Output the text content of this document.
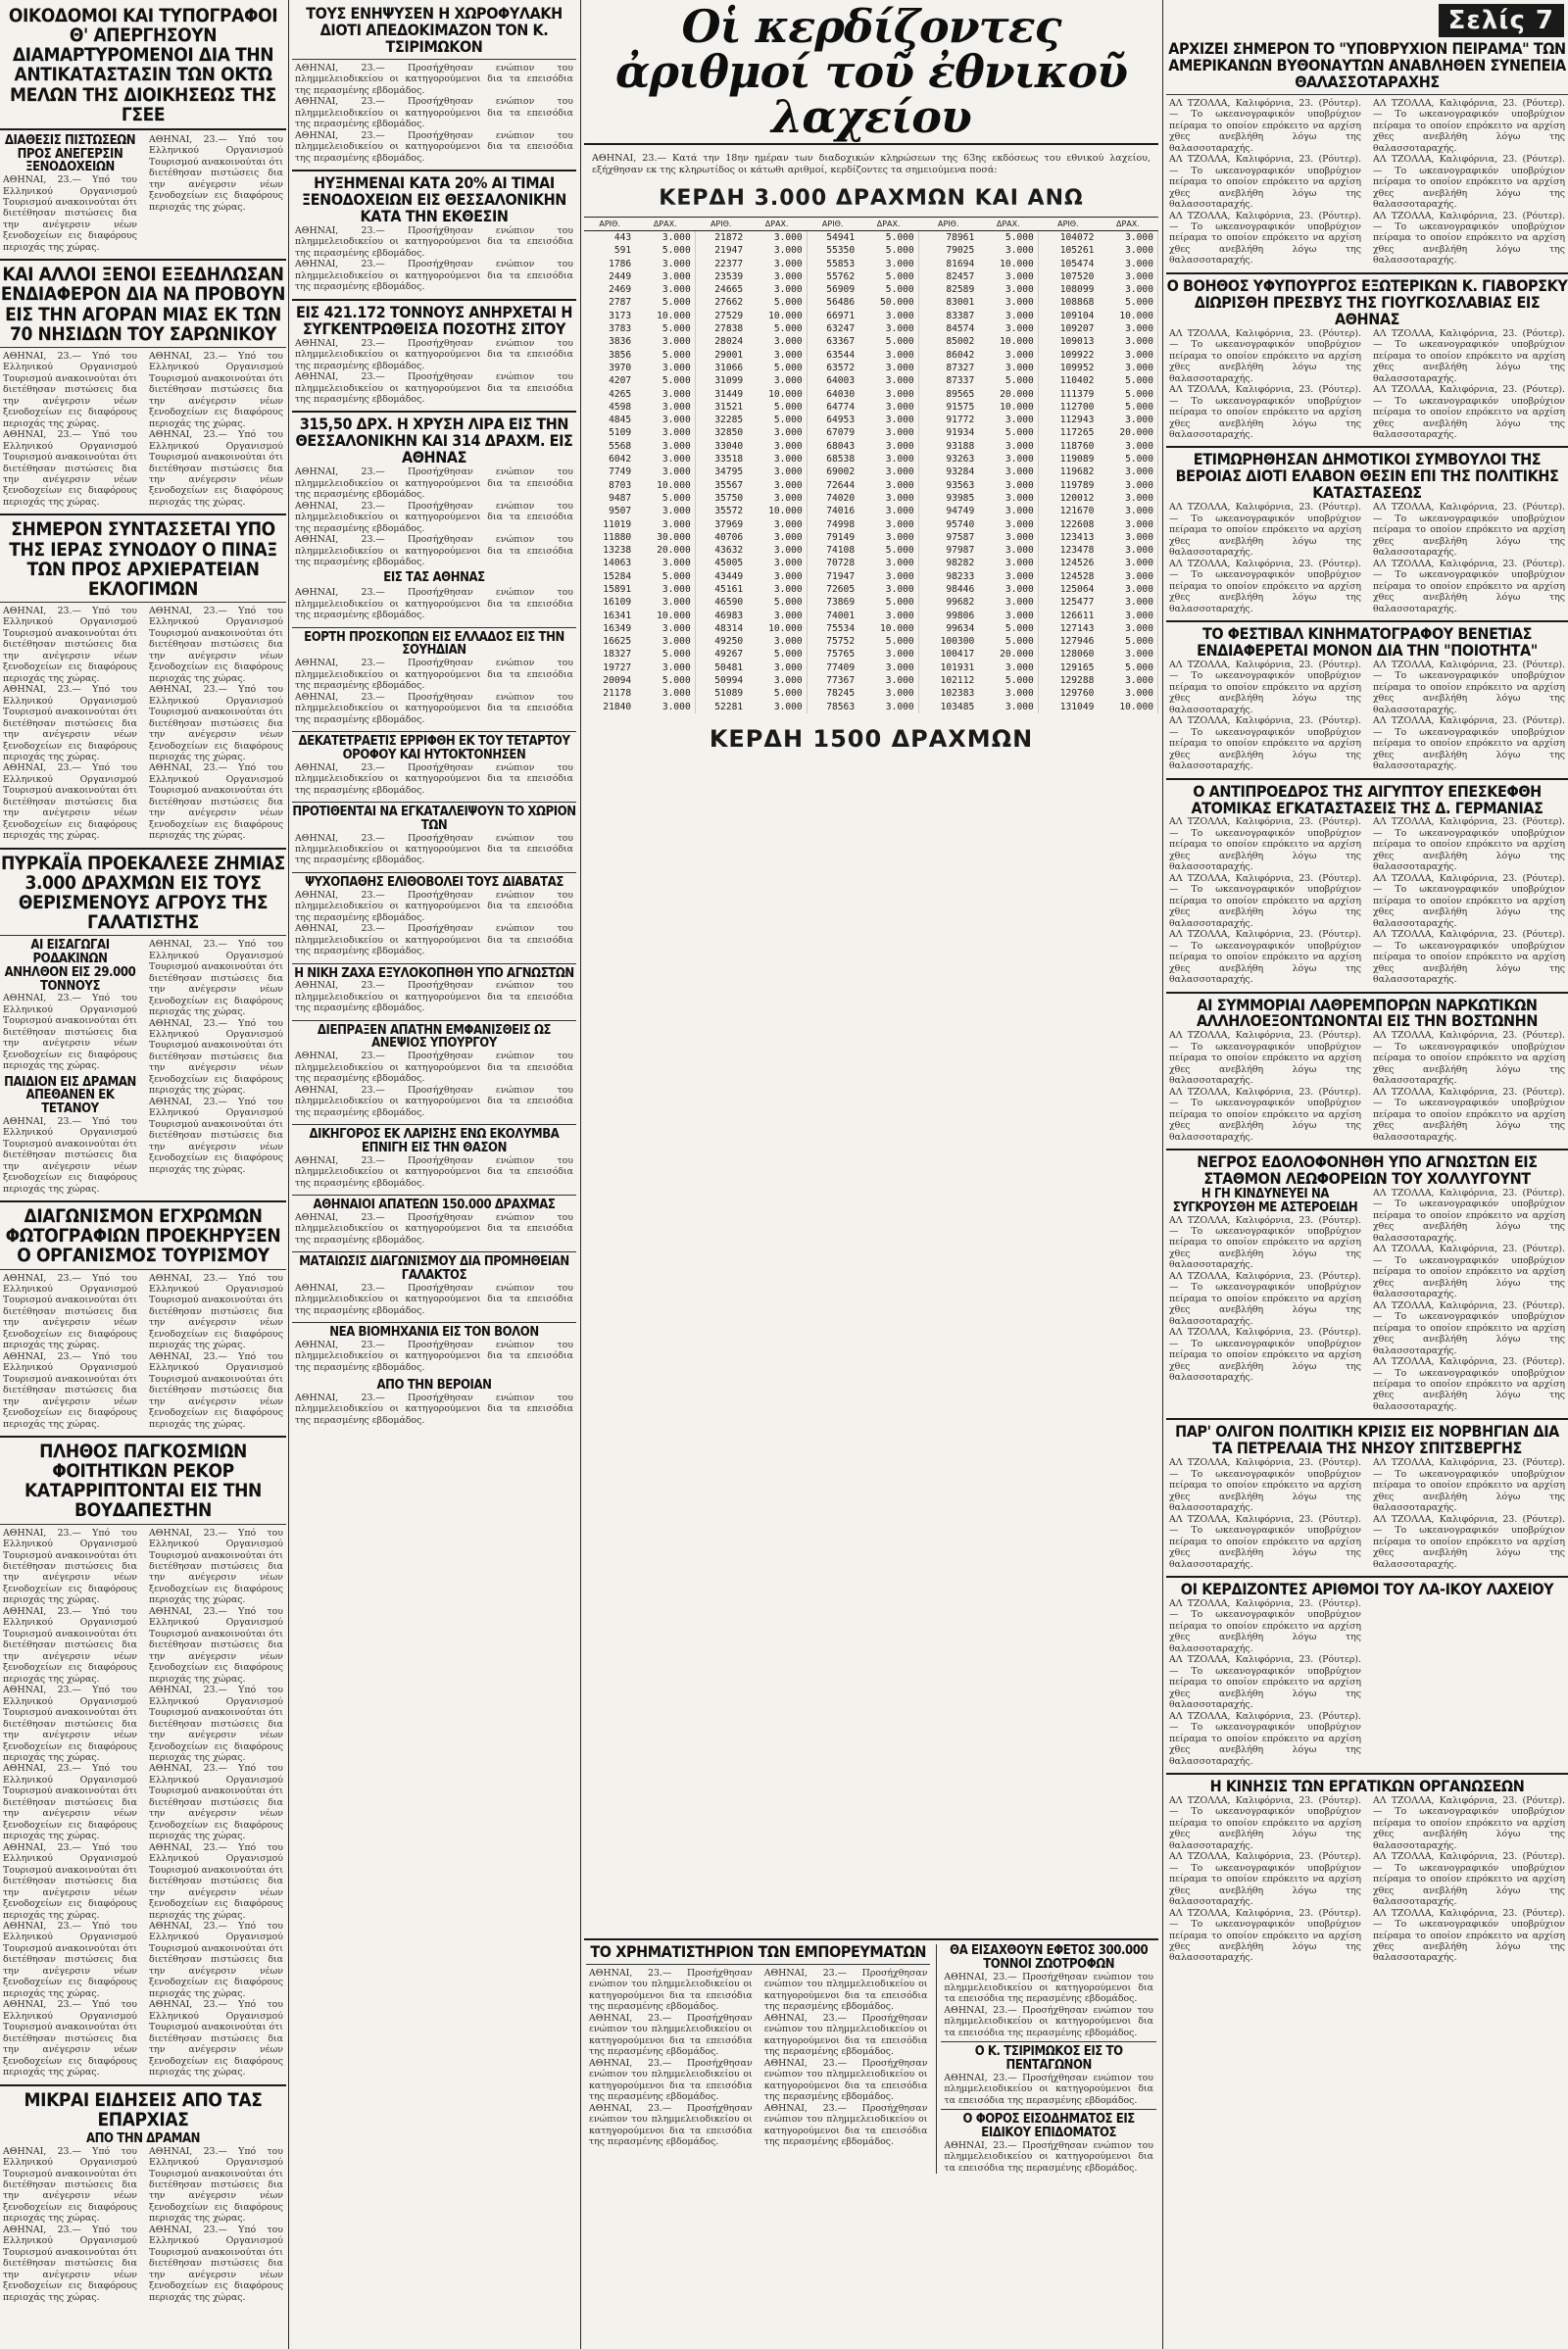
ΟΙΚΟΔΟΜΟΙ ΚΑΙ ΤΥΠΟΓΡΑΦΟΙ Θ' ΑΠΕΡΓΗΣΟΥΝ ΔΙΑΜΑΡΤΥΡΟΜΕΝΟΙ ΔΙΑ ΤΗΝ ΑΝΤΙΚΑΤΑΣΤΑΣΙΝ ΤΩΝ ΟΚΤΩ ΜΕΛΩΝ ΤΗΣ ΔΙΟΙΚΗΣΕΩΣ ΤΗΣ ΓΣΕΕ
ΔΙΑΘΕΣΙΣ ΠΙΣΤΩΣΕΩΝ ΠΡΟΣ ΑΝΕΓΕΡΣΙΝ ΞΕΝΟΔΟΧΕΙΩΝ
ΑΘΗΝΑΙ, 23.— Υπό του Ελληνικού Οργανισμού Τουρισμού ανακοινούται ότι διετέθησαν πιστώσεις δια την ανέγερσιν νέων ξενοδοχείων εις διαφόρους περιοχάς της χώρας.
ΑΘΗΝΑΙ, 23.— Υπό του Ελληνικού Οργανισμού Τουρισμού ανακοινούται ότι διετέθησαν πιστώσεις δια την ανέγερσιν νέων ξενοδοχείων εις διαφόρους περιοχάς της χώρας.
ΚΑΙ ΑΛΛΟΙ ΞΕΝΟΙ ΕΞΕΔΗΛΩΣΑΝ ΕΝΔΙΑΦΕΡΟΝ ΔΙΑ ΝΑ ΠΡΟΒΟΥΝ ΕΙΣ ΤΗΝ ΑΓΟΡΑΝ ΜΙΑΣ ΕΚ ΤΩΝ 70 ΝΗΣΙΔΩΝ ΤΟΥ ΣΑΡΩΝΙΚΟΥ
ΑΘΗΝΑΙ, 23.— Υπό του Ελληνικού Οργανισμού Τουρισμού ανακοινούται ότι διετέθησαν πιστώσεις δια την ανέγερσιν νέων ξενοδοχείων εις διαφόρους περιοχάς της χώρας.
ΑΘΗΝΑΙ, 23.— Υπό του Ελληνικού Οργανισμού Τουρισμού ανακοινούται ότι διετέθησαν πιστώσεις δια την ανέγερσιν νέων ξενοδοχείων εις διαφόρους περιοχάς της χώρας.
ΑΘΗΝΑΙ, 23.— Υπό του Ελληνικού Οργανισμού Τουρισμού ανακοινούται ότι διετέθησαν πιστώσεις δια την ανέγερσιν νέων ξενοδοχείων εις διαφόρους περιοχάς της χώρας.
ΑΘΗΝΑΙ, 23.— Υπό του Ελληνικού Οργανισμού Τουρισμού ανακοινούται ότι διετέθησαν πιστώσεις δια την ανέγερσιν νέων ξενοδοχείων εις διαφόρους περιοχάς της χώρας.
ΣΗΜΕΡΟΝ ΣΥΝΤΑΣΣΕΤΑΙ ΥΠΟ ΤΗΣ ΙΕΡΑΣ ΣΥΝΟΔΟΥ Ο ΠΙΝΑΞ ΤΩΝ ΠΡΟΣ ΑΡΧΙΕΡΑΤΕΙΑΝ ΕΚΛΟΓΙΜΩΝ
ΑΘΗΝΑΙ, 23.— Υπό του Ελληνικού Οργανισμού Τουρισμού ανακοινούται ότι διετέθησαν πιστώσεις δια την ανέγερσιν νέων ξενοδοχείων εις διαφόρους περιοχάς της χώρας.
ΑΘΗΝΑΙ, 23.— Υπό του Ελληνικού Οργανισμού Τουρισμού ανακοινούται ότι διετέθησαν πιστώσεις δια την ανέγερσιν νέων ξενοδοχείων εις διαφόρους περιοχάς της χώρας.
ΑΘΗΝΑΙ, 23.— Υπό του Ελληνικού Οργανισμού Τουρισμού ανακοινούται ότι διετέθησαν πιστώσεις δια την ανέγερσιν νέων ξενοδοχείων εις διαφόρους περιοχάς της χώρας.
ΑΘΗΝΑΙ, 23.— Υπό του Ελληνικού Οργανισμού Τουρισμού ανακοινούται ότι διετέθησαν πιστώσεις δια την ανέγερσιν νέων ξενοδοχείων εις διαφόρους περιοχάς της χώρας.
ΑΘΗΝΑΙ, 23.— Υπό του Ελληνικού Οργανισμού Τουρισμού ανακοινούται ότι διετέθησαν πιστώσεις δια την ανέγερσιν νέων ξενοδοχείων εις διαφόρους περιοχάς της χώρας.
ΑΘΗΝΑΙ, 23.— Υπό του Ελληνικού Οργανισμού Τουρισμού ανακοινούται ότι διετέθησαν πιστώσεις δια την ανέγερσιν νέων ξενοδοχείων εις διαφόρους περιοχάς της χώρας.
ΠΥΡΚΑΪΑ ΠΡΟΕΚΑΛΕΣΕ ΖΗΜΙΑΣ 3.000 ΔΡΑΧΜΩΝ ΕΙΣ ΤΟΥΣ ΘΕΡΙΣΜΕΝΟΥΣ ΑΓΡΟΥΣ ΤΗΣ ΓΑΛΑΤΙΣΤΗΣ
ΑΙ ΕΙΣΑΓΩΓΑΙ ΡΟΔΑΚΙΝΩΝ ΑΝΗΛΘΟΝ ΕΙΣ 29.000 ΤΟΝΝΟΥΣ
ΑΘΗΝΑΙ, 23.— Υπό του Ελληνικού Οργανισμού Τουρισμού ανακοινούται ότι διετέθησαν πιστώσεις δια την ανέγερσιν νέων ξενοδοχείων εις διαφόρους περιοχάς της χώρας.
ΠΑΙΔΙΟΝ ΕΙΣ ΔΡΑΜΑΝ ΑΠΕΘΑΝΕΝ ΕΚ ΤΕΤΑΝΟΥ
ΑΘΗΝΑΙ, 23.— Υπό του Ελληνικού Οργανισμού Τουρισμού ανακοινούται ότι διετέθησαν πιστώσεις δια την ανέγερσιν νέων ξενοδοχείων εις διαφόρους περιοχάς της χώρας.
ΑΘΗΝΑΙ, 23.— Υπό του Ελληνικού Οργανισμού Τουρισμού ανακοινούται ότι διετέθησαν πιστώσεις δια την ανέγερσιν νέων ξενοδοχείων εις διαφόρους περιοχάς της χώρας.
ΑΘΗΝΑΙ, 23.— Υπό του Ελληνικού Οργανισμού Τουρισμού ανακοινούται ότι διετέθησαν πιστώσεις δια την ανέγερσιν νέων ξενοδοχείων εις διαφόρους περιοχάς της χώρας.
ΑΘΗΝΑΙ, 23.— Υπό του Ελληνικού Οργανισμού Τουρισμού ανακοινούται ότι διετέθησαν πιστώσεις δια την ανέγερσιν νέων ξενοδοχείων εις διαφόρους περιοχάς της χώρας.
ΔΙΑΓΩΝΙΣΜΟΝ ΕΓΧΡΩΜΩΝ ΦΩΤΟΓΡΑΦΙΩΝ ΠΡΟΕΚΗΡΥΞΕΝ Ο ΟΡΓΑΝΙΣΜΟΣ ΤΟΥΡΙΣΜΟΥ
ΑΘΗΝΑΙ, 23.— Υπό του Ελληνικού Οργανισμού Τουρισμού ανακοινούται ότι διετέθησαν πιστώσεις δια την ανέγερσιν νέων ξενοδοχείων εις διαφόρους περιοχάς της χώρας.
ΑΘΗΝΑΙ, 23.— Υπό του Ελληνικού Οργανισμού Τουρισμού ανακοινούται ότι διετέθησαν πιστώσεις δια την ανέγερσιν νέων ξενοδοχείων εις διαφόρους περιοχάς της χώρας.
ΑΘΗΝΑΙ, 23.— Υπό του Ελληνικού Οργανισμού Τουρισμού ανακοινούται ότι διετέθησαν πιστώσεις δια την ανέγερσιν νέων ξενοδοχείων εις διαφόρους περιοχάς της χώρας.
ΑΘΗΝΑΙ, 23.— Υπό του Ελληνικού Οργανισμού Τουρισμού ανακοινούται ότι διετέθησαν πιστώσεις δια την ανέγερσιν νέων ξενοδοχείων εις διαφόρους περιοχάς της χώρας.
ΠΛΗΘΟΣ ΠΑΓΚΟΣΜΙΩΝ ΦΟΙΤΗΤΙΚΩΝ ΡΕΚΟΡ ΚΑΤΑΡΡΙΠΤΟΝΤΑΙ ΕΙΣ ΤΗΝ ΒΟΥΔΑΠΕΣΤΗΝ
ΑΘΗΝΑΙ, 23.— Υπό του Ελληνικού Οργανισμού Τουρισμού ανακοινούται ότι διετέθησαν πιστώσεις δια την ανέγερσιν νέων ξενοδοχείων εις διαφόρους περιοχάς της χώρας.
ΑΘΗΝΑΙ, 23.— Υπό του Ελληνικού Οργανισμού Τουρισμού ανακοινούται ότι διετέθησαν πιστώσεις δια την ανέγερσιν νέων ξενοδοχείων εις διαφόρους περιοχάς της χώρας.
ΑΘΗΝΑΙ, 23.— Υπό του Ελληνικού Οργανισμού Τουρισμού ανακοινούται ότι διετέθησαν πιστώσεις δια την ανέγερσιν νέων ξενοδοχείων εις διαφόρους περιοχάς της χώρας.
ΑΘΗΝΑΙ, 23.— Υπό του Ελληνικού Οργανισμού Τουρισμού ανακοινούται ότι διετέθησαν πιστώσεις δια την ανέγερσιν νέων ξενοδοχείων εις διαφόρους περιοχάς της χώρας.
ΑΘΗΝΑΙ, 23.— Υπό του Ελληνικού Οργανισμού Τουρισμού ανακοινούται ότι διετέθησαν πιστώσεις δια την ανέγερσιν νέων ξενοδοχείων εις διαφόρους περιοχάς της χώρας.
ΑΘΗΝΑΙ, 23.— Υπό του Ελληνικού Οργανισμού Τουρισμού ανακοινούται ότι διετέθησαν πιστώσεις δια την ανέγερσιν νέων ξενοδοχείων εις διαφόρους περιοχάς της χώρας.
ΑΘΗΝΑΙ, 23.— Υπό του Ελληνικού Οργανισμού Τουρισμού ανακοινούται ότι διετέθησαν πιστώσεις δια την ανέγερσιν νέων ξενοδοχείων εις διαφόρους περιοχάς της χώρας.
ΑΘΗΝΑΙ, 23.— Υπό του Ελληνικού Οργανισμού Τουρισμού ανακοινούται ότι διετέθησαν πιστώσεις δια την ανέγερσιν νέων ξενοδοχείων εις διαφόρους περιοχάς της χώρας.
ΑΘΗΝΑΙ, 23.— Υπό του Ελληνικού Οργανισμού Τουρισμού ανακοινούται ότι διετέθησαν πιστώσεις δια την ανέγερσιν νέων ξενοδοχείων εις διαφόρους περιοχάς της χώρας.
ΑΘΗΝΑΙ, 23.— Υπό του Ελληνικού Οργανισμού Τουρισμού ανακοινούται ότι διετέθησαν πιστώσεις δια την ανέγερσιν νέων ξενοδοχείων εις διαφόρους περιοχάς της χώρας.
ΑΘΗΝΑΙ, 23.— Υπό του Ελληνικού Οργανισμού Τουρισμού ανακοινούται ότι διετέθησαν πιστώσεις δια την ανέγερσιν νέων ξενοδοχείων εις διαφόρους περιοχάς της χώρας.
ΑΘΗΝΑΙ, 23.— Υπό του Ελληνικού Οργανισμού Τουρισμού ανακοινούται ότι διετέθησαν πιστώσεις δια την ανέγερσιν νέων ξενοδοχείων εις διαφόρους περιοχάς της χώρας.
ΑΘΗΝΑΙ, 23.— Υπό του Ελληνικού Οργανισμού Τουρισμού ανακοινούται ότι διετέθησαν πιστώσεις δια την ανέγερσιν νέων ξενοδοχείων εις διαφόρους περιοχάς της χώρας.
ΑΘΗΝΑΙ, 23.— Υπό του Ελληνικού Οργανισμού Τουρισμού ανακοινούται ότι διετέθησαν πιστώσεις δια την ανέγερσιν νέων ξενοδοχείων εις διαφόρους περιοχάς της χώρας.
ΜΙΚΡΑΙ ΕΙΔΗΣΕΙΣ ΑΠΟ ΤΑΣ ΕΠΑΡΧΙΑΣ
ΑΠΟ ΤΗΝ ΔΡΑΜΑΝ
ΑΘΗΝΑΙ, 23.— Υπό του Ελληνικού Οργανισμού Τουρισμού ανακοινούται ότι διετέθησαν πιστώσεις δια την ανέγερσιν νέων ξενοδοχείων εις διαφόρους περιοχάς της χώρας.
ΑΘΗΝΑΙ, 23.— Υπό του Ελληνικού Οργανισμού Τουρισμού ανακοινούται ότι διετέθησαν πιστώσεις δια την ανέγερσιν νέων ξενοδοχείων εις διαφόρους περιοχάς της χώρας.
ΑΘΗΝΑΙ, 23.— Υπό του Ελληνικού Οργανισμού Τουρισμού ανακοινούται ότι διετέθησαν πιστώσεις δια την ανέγερσιν νέων ξενοδοχείων εις διαφόρους περιοχάς της χώρας.
ΑΘΗΝΑΙ, 23.— Υπό του Ελληνικού Οργανισμού Τουρισμού ανακοινούται ότι διετέθησαν πιστώσεις δια την ανέγερσιν νέων ξενοδοχείων εις διαφόρους περιοχάς της χώρας.
ΤΟΥΣ ΕΝΗΨΥΣΕΝ Η ΧΩΡΟΦΥΛΑΚΗ ΔΙΟΤΙ ΑΠΕΔΟΚΙΜΑΖΟΝ ΤΟΝ Κ. ΤΣΙΡΙΜΩΚΟΝ
ΑΘΗΝΑΙ, 23.— Προσήχθησαν ενώπιον του πλημμελειοδικείου οι κατηγορούμενοι δια τα επεισόδια της περασμένης εβδομάδος.
ΑΘΗΝΑΙ, 23.— Προσήχθησαν ενώπιον του πλημμελειοδικείου οι κατηγορούμενοι δια τα επεισόδια της περασμένης εβδομάδος.
ΑΘΗΝΑΙ, 23.— Προσήχθησαν ενώπιον του πλημμελειοδικείου οι κατηγορούμενοι δια τα επεισόδια της περασμένης εβδομάδος.
ΗΥΞΗΜΕΝΑΙ ΚΑΤΑ 20% ΑΙ ΤΙΜΑΙ ΞΕΝΟΔΟΧΕΙΩΝ ΕΙΣ ΘΕΣΣΑΛΟΝΙΚΗΝ ΚΑΤΑ ΤΗΝ ΕΚΘΕΣΙΝ
ΑΘΗΝΑΙ, 23.— Προσήχθησαν ενώπιον του πλημμελειοδικείου οι κατηγορούμενοι δια τα επεισόδια της περασμένης εβδομάδος.
ΑΘΗΝΑΙ, 23.— Προσήχθησαν ενώπιον του πλημμελειοδικείου οι κατηγορούμενοι δια τα επεισόδια της περασμένης εβδομάδος.
ΕΙΣ 421.172 ΤΟΝΝΟΥΣ ΑΝΗΡΧΕΤΑΙ Η ΣΥΓΚΕΝΤΡΩΘΕΙΣΑ ΠΟΣΟΤΗΣ ΣΙΤΟΥ
ΑΘΗΝΑΙ, 23.— Προσήχθησαν ενώπιον του πλημμελειοδικείου οι κατηγορούμενοι δια τα επεισόδια της περασμένης εβδομάδος.
ΑΘΗΝΑΙ, 23.— Προσήχθησαν ενώπιον του πλημμελειοδικείου οι κατηγορούμενοι δια τα επεισόδια της περασμένης εβδομάδος.
315,50 ΔΡΧ. Η ΧΡΥΣΗ ΛΙΡΑ ΕΙΣ ΤΗΝ ΘΕΣΣΑΛΟΝΙΚΗΝ ΚΑΙ 314 ΔΡΑΧΜ. ΕΙΣ ΑΘΗΝΑΣ
ΑΘΗΝΑΙ, 23.— Προσήχθησαν ενώπιον του πλημμελειοδικείου οι κατηγορούμενοι δια τα επεισόδια της περασμένης εβδομάδος.
ΑΘΗΝΑΙ, 23.— Προσήχθησαν ενώπιον του πλημμελειοδικείου οι κατηγορούμενοι δια τα επεισόδια της περασμένης εβδομάδος.
ΑΘΗΝΑΙ, 23.— Προσήχθησαν ενώπιον του πλημμελειοδικείου οι κατηγορούμενοι δια τα επεισόδια της περασμένης εβδομάδος.
ΕΙΣ ΤΑΣ ΑΘΗΝΑΣ
ΑΘΗΝΑΙ, 23.— Προσήχθησαν ενώπιον του πλημμελειοδικείου οι κατηγορούμενοι δια τα επεισόδια της περασμένης εβδομάδος.
ΕΟΡΤΗ ΠΡΟΣΚΟΠΩΝ ΕΙΣ ΕΛΛΑΔΟΣ ΕΙΣ ΤΗΝ ΣΟΥΗΔΙΑΝ
ΑΘΗΝΑΙ, 23.— Προσήχθησαν ενώπιον του πλημμελειοδικείου οι κατηγορούμενοι δια τα επεισόδια της περασμένης εβδομάδος.
ΑΘΗΝΑΙ, 23.— Προσήχθησαν ενώπιον του πλημμελειοδικείου οι κατηγορούμενοι δια τα επεισόδια της περασμένης εβδομάδος.
ΔΕΚΑΤΕΤΡΑΕΤΙΣ ΕΡΡΙΦΘΗ ΕΚ ΤΟΥ ΤΕΤΑΡΤΟΥ ΟΡΟΦΟΥ ΚΑΙ ΗΥΤΟΚΤΟΝΗΣΕΝ
ΑΘΗΝΑΙ, 23.— Προσήχθησαν ενώπιον του πλημμελειοδικείου οι κατηγορούμενοι δια τα επεισόδια της περασμένης εβδομάδος.
ΠΡΟΤΙΘΕΝΤΑΙ ΝΑ ΕΓΚΑΤΑΛΕΙΨΟΥΝ ΤΟ ΧΩΡΙΟΝ ΤΩΝ
ΑΘΗΝΑΙ, 23.— Προσήχθησαν ενώπιον του πλημμελειοδικείου οι κατηγορούμενοι δια τα επεισόδια της περασμένης εβδομάδος.
ΨΥΧΟΠΑΘΗΣ ΕΛΙΘΟΒΟΛΕΙ ΤΟΥΣ ΔΙΑΒΑΤΑΣ
ΑΘΗΝΑΙ, 23.— Προσήχθησαν ενώπιον του πλημμελειοδικείου οι κατηγορούμενοι δια τα επεισόδια της περασμένης εβδομάδος.
ΑΘΗΝΑΙ, 23.— Προσήχθησαν ενώπιον του πλημμελειοδικείου οι κατηγορούμενοι δια τα επεισόδια της περασμένης εβδομάδος.
Η ΝΙΚΗ ΖΑΧΑ ΕΞΥΛΟΚΟΠΗΘΗ ΥΠΟ ΑΓΝΩΣΤΩΝ
ΑΘΗΝΑΙ, 23.— Προσήχθησαν ενώπιον του πλημμελειοδικείου οι κατηγορούμενοι δια τα επεισόδια της περασμένης εβδομάδος.
ΔΙΕΠΡΑΞΕΝ ΑΠΑΤΗΝ ΕΜΦΑΝΙΣΘΕΙΣ ΩΣ ΑΝΕΨΙΟΣ ΥΠΟΥΡΓΟΥ
ΑΘΗΝΑΙ, 23.— Προσήχθησαν ενώπιον του πλημμελειοδικείου οι κατηγορούμενοι δια τα επεισόδια της περασμένης εβδομάδος.
ΑΘΗΝΑΙ, 23.— Προσήχθησαν ενώπιον του πλημμελειοδικείου οι κατηγορούμενοι δια τα επεισόδια της περασμένης εβδομάδος.
ΔΙΚΗΓΟΡΟΣ ΕΚ ΛΑΡΙΣΗΣ ΕΝΩ ΕΚΟΛΥΜΒΑ ΕΠΝΙΓΗ ΕΙΣ ΤΗΝ ΘΑΣΟΝ
ΑΘΗΝΑΙ, 23.— Προσήχθησαν ενώπιον του πλημμελειοδικείου οι κατηγορούμενοι δια τα επεισόδια της περασμένης εβδομάδος.
ΑΘΗΝΑΙΟΙ ΑΠΑΤΕΩΝ 150.000 ΔΡΑΧΜΑΣ
ΑΘΗΝΑΙ, 23.— Προσήχθησαν ενώπιον του πλημμελειοδικείου οι κατηγορούμενοι δια τα επεισόδια της περασμένης εβδομάδος.
ΜΑΤΑΙΩΣΙΣ ΔΙΑΓΩΝΙΣΜΟΥ ΔΙΑ ΠΡΟΜΗΘΕΙΑΝ ΓΑΛΑΚΤΟΣ
ΑΘΗΝΑΙ, 23.— Προσήχθησαν ενώπιον του πλημμελειοδικείου οι κατηγορούμενοι δια τα επεισόδια της περασμένης εβδομάδος.
ΝΕΑ ΒΙΟΜΗΧΑΝΙΑ ΕΙΣ ΤΟΝ ΒΟΛΟΝ
ΑΘΗΝΑΙ, 23.— Προσήχθησαν ενώπιον του πλημμελειοδικείου οι κατηγορούμενοι δια τα επεισόδια της περασμένης εβδομάδος.
ΑΠΟ ΤΗΝ ΒΕΡΟΙΑΝ
ΑΘΗΝΑΙ, 23.— Προσήχθησαν ενώπιον του πλημμελειοδικείου οι κατηγορούμενοι δια τα επεισόδια της περασμένης εβδομάδος.
Οἱ κερδίζοντες ἀριθμοί τοῦ ἐθνικοῦ λαχείου
ΑΘΗΝΑΙ, 23.— Κατά την 18ην ημέραν των διαδοχικών κληρώσεων της 63ης εκδόσεως του εθνικού λαχείου, εξήχθησαν εκ της κληρωτίδος οι κάτωθι αριθμοί, κερδίζοντες τα σημειούμενα ποσά:
ΚΕΡΔΗ 3.000 ΔΡΑΧΜΩΝ ΚΑΙ ΑΝΩ
ΑΡΙΘ.	ΔΡΑΧ.	ΑΡΙΘ.	ΔΡΑΧ.	ΑΡΙΘ.	ΔΡΑΧ.	ΑΡΙΘ.	ΔΡΑΧ.	ΑΡΙΘ.	ΔΡΑΧ.
443	3.000	21872	3.000	54941	5.000	78961	5.000	104072	3.000
591	5.000	21947	3.000	55350	5.000	79025	3.000	105261	3.000
1786	3.000	22377	3.000	55853	3.000	81694	10.000	105474	3.000
2449	3.000	23539	3.000	55762	5.000	82457	3.000	107520	3.000
2469	3.000	24665	3.000	56909	5.000	82589	3.000	108099	3.000
2787	5.000	27662	5.000	56486	50.000	83001	3.000	108868	5.000
3173	10.000	27529	10.000	66971	3.000	83387	3.000	109104	10.000
3783	5.000	27838	5.000	63247	3.000	84574	3.000	109207	3.000
3836	3.000	28024	3.000	63367	5.000	85002	10.000	109013	3.000
3856	5.000	29001	3.000	63544	3.000	86042	3.000	109922	3.000
3970	3.000	31066	5.000	63572	3.000	87327	3.000	109952	3.000
4207	5.000	31099	3.000	64003	3.000	87337	5.000	110402	5.000
4265	3.000	31449	10.000	64030	3.000	89565	20.000	111379	5.000
4598	3.000	31521	5.000	64774	3.000	91575	10.000	112700	5.000
4845	3.000	32285	5.000	64953	3.000	91772	3.000	112943	3.000
5109	3.000	32850	3.000	67079	3.000	91934	5.000	117265	20.000
5568	3.000	33040	3.000	68043	3.000	93188	3.000	118760	3.000
6042	3.000	33518	3.000	68538	3.000	93263	3.000	119089	5.000
7749	3.000	34795	3.000	69002	3.000	93284	3.000	119682	3.000
8703	10.000	35567	3.000	72644	3.000	93563	3.000	119789	3.000
9487	5.000	35750	3.000	74020	3.000	93985	3.000	120012	3.000
9507	3.000	35572	10.000	74016	3.000	94749	3.000	121670	3.000
11019	3.000	37969	3.000	74998	3.000	95740	3.000	122608	3.000
11880	30.000	40706	3.000	79149	3.000	97587	3.000	123413	3.000
13238	20.000	43632	3.000	74108	5.000	97987	3.000	123478	3.000
14063	3.000	45005	3.000	70728	3.000	98282	3.000	124526	3.000
15284	5.000	43449	3.000	71947	3.000	98233	3.000	124528	3.000
15891	3.000	45161	3.000	72605	3.000	98446	3.000	125064	3.000
16109	3.000	46590	5.000	73869	5.000	99682	3.000	125477	3.000
16341	10.000	46983	3.000	74001	3.000	99806	3.000	126611	3.000
16349	3.000	48314	10.000	75534	10.000	99634	5.000	127143	3.000
16625	3.000	49250	3.000	75752	5.000	100300	5.000	127946	5.000
18327	5.000	49267	5.000	75765	3.000	100417	20.000	128060	3.000
19727	3.000	50481	3.000	77409	3.000	101931	3.000	129165	5.000
20094	5.000	50994	3.000	77367	3.000	102112	5.000	129288	3.000
21178	3.000	51089	5.000	78245	3.000	102383	3.000	129760	3.000
21840	3.000	52281	3.000	78563	3.000	103485	3.000	131049	10.000
ΚΕΡΔΗ 1500 ΔΡΑΧΜΩΝ
ΤΟ ΧΡΗΜΑΤΙΣΤΗΡΙΟΝ ΤΩΝ ΕΜΠΟΡΕΥΜΑΤΩΝ
ΑΘΗΝΑΙ, 23.— Προσήχθησαν ενώπιον του πλημμελειοδικείου οι κατηγορούμενοι δια τα επεισόδια της περασμένης εβδομάδος.
ΑΘΗΝΑΙ, 23.— Προσήχθησαν ενώπιον του πλημμελειοδικείου οι κατηγορούμενοι δια τα επεισόδια της περασμένης εβδομάδος.
ΑΘΗΝΑΙ, 23.— Προσήχθησαν ενώπιον του πλημμελειοδικείου οι κατηγορούμενοι δια τα επεισόδια της περασμένης εβδομάδος.
ΑΘΗΝΑΙ, 23.— Προσήχθησαν ενώπιον του πλημμελειοδικείου οι κατηγορούμενοι δια τα επεισόδια της περασμένης εβδομάδος.
ΑΘΗΝΑΙ, 23.— Προσήχθησαν ενώπιον του πλημμελειοδικείου οι κατηγορούμενοι δια τα επεισόδια της περασμένης εβδομάδος.
ΑΘΗΝΑΙ, 23.— Προσήχθησαν ενώπιον του πλημμελειοδικείου οι κατηγορούμενοι δια τα επεισόδια της περασμένης εβδομάδος.
ΑΘΗΝΑΙ, 23.— Προσήχθησαν ενώπιον του πλημμελειοδικείου οι κατηγορούμενοι δια τα επεισόδια της περασμένης εβδομάδος.
ΑΘΗΝΑΙ, 23.— Προσήχθησαν ενώπιον του πλημμελειοδικείου οι κατηγορούμενοι δια τα επεισόδια της περασμένης εβδομάδος.
ΘΑ ΕΙΣΑΧΘΟΥΝ ΕΦΕΤΟΣ 300.000 ΤΟΝΝΟΙ ΖΩΟΤΡΟΦΩΝ
ΑΘΗΝΑΙ, 23.— Προσήχθησαν ενώπιον του πλημμελειοδικείου οι κατηγορούμενοι δια τα επεισόδια της περασμένης εβδομάδος.
ΑΘΗΝΑΙ, 23.— Προσήχθησαν ενώπιον του πλημμελειοδικείου οι κατηγορούμενοι δια τα επεισόδια της περασμένης εβδομάδος.
Ο Κ. ΤΣΙΡΙΜΩΚΟΣ ΕΙΣ ΤΟ ΠΕΝΤΑΓΩΝΟΝ
ΑΘΗΝΑΙ, 23.— Προσήχθησαν ενώπιον του πλημμελειοδικείου οι κατηγορούμενοι δια τα επεισόδια της περασμένης εβδομάδος.
Ο ΦΟΡΟΣ ΕΙΣΟΔΗΜΑΤΟΣ ΕΙΣ ΕΙΔΙΚΟΥ ΕΠΙΔΟΜΑΤΟΣ
ΑΘΗΝΑΙ, 23.— Προσήχθησαν ενώπιον του πλημμελειοδικείου οι κατηγορούμενοι δια τα επεισόδια της περασμένης εβδομάδος.
Σελίς 7
ΑΡΧΙΖΕΙ ΣΗΜΕΡΟΝ ΤΟ "ΥΠΟΒΡΥΧΙΟΝ ΠΕΙΡΑΜΑ" ΤΩΝ ΑΜΕΡΙΚΑΝΩΝ ΒΥΘΟΝΑΥΤΩΝ ΑΝΑΒΛΗΘΕΝ ΣΥΝΕΠΕΙΑ ΘΑΛΑΣΣΟΤΑΡΑΧΗΣ
ΑΛ ΤΖΟΛΛΑ, Καλιφόρνια, 23. (Ρόυτερ).— Το ωκεανογραφικόν υποβρύχιον πείραμα το οποίον επρόκειτο να αρχίση χθες ανεβλήθη λόγω της θαλασσοταραχής.
ΑΛ ΤΖΟΛΛΑ, Καλιφόρνια, 23. (Ρόυτερ).— Το ωκεανογραφικόν υποβρύχιον πείραμα το οποίον επρόκειτο να αρχίση χθες ανεβλήθη λόγω της θαλασσοταραχής.
ΑΛ ΤΖΟΛΛΑ, Καλιφόρνια, 23. (Ρόυτερ).— Το ωκεανογραφικόν υποβρύχιον πείραμα το οποίον επρόκειτο να αρχίση χθες ανεβλήθη λόγω της θαλασσοταραχής.
ΑΛ ΤΖΟΛΛΑ, Καλιφόρνια, 23. (Ρόυτερ).— Το ωκεανογραφικόν υποβρύχιον πείραμα το οποίον επρόκειτο να αρχίση χθες ανεβλήθη λόγω της θαλασσοταραχής.
ΑΛ ΤΖΟΛΛΑ, Καλιφόρνια, 23. (Ρόυτερ).— Το ωκεανογραφικόν υποβρύχιον πείραμα το οποίον επρόκειτο να αρχίση χθες ανεβλήθη λόγω της θαλασσοταραχής.
ΑΛ ΤΖΟΛΛΑ, Καλιφόρνια, 23. (Ρόυτερ).— Το ωκεανογραφικόν υποβρύχιον πείραμα το οποίον επρόκειτο να αρχίση χθες ανεβλήθη λόγω της θαλασσοταραχής.
Ο ΒΟΗΘΟΣ ΥΦΥΠΟΥΡΓΟΣ ΕΞΩΤΕΡΙΚΩΝ Κ. ΓΙΑΒΟΡΣΚΥ ΔΙΩΡΙΣΘΗ ΠΡΕΣΒΥΣ ΤΗΣ ΓΙΟΥΓΚΟΣΛΑΒΙΑΣ ΕΙΣ ΑΘΗΝΑΣ
ΑΛ ΤΖΟΛΛΑ, Καλιφόρνια, 23. (Ρόυτερ).— Το ωκεανογραφικόν υποβρύχιον πείραμα το οποίον επρόκειτο να αρχίση χθες ανεβλήθη λόγω της θαλασσοταραχής.
ΑΛ ΤΖΟΛΛΑ, Καλιφόρνια, 23. (Ρόυτερ).— Το ωκεανογραφικόν υποβρύχιον πείραμα το οποίον επρόκειτο να αρχίση χθες ανεβλήθη λόγω της θαλασσοταραχής.
ΑΛ ΤΖΟΛΛΑ, Καλιφόρνια, 23. (Ρόυτερ).— Το ωκεανογραφικόν υποβρύχιον πείραμα το οποίον επρόκειτο να αρχίση χθες ανεβλήθη λόγω της θαλασσοταραχής.
ΑΛ ΤΖΟΛΛΑ, Καλιφόρνια, 23. (Ρόυτερ).— Το ωκεανογραφικόν υποβρύχιον πείραμα το οποίον επρόκειτο να αρχίση χθες ανεβλήθη λόγω της θαλασσοταραχής.
ΕΤΙΜΩΡΗΘΗΣΑΝ ΔΗΜΟΤΙΚΟΙ ΣΥΜΒΟΥΛΟΙ ΤΗΣ ΒΕΡΟΙΑΣ ΔΙΟΤΙ ΕΛΑΒΟΝ ΘΕΣΙΝ ΕΠΙ ΤΗΣ ΠΟΛΙΤΙΚΗΣ ΚΑΤΑΣΤΑΣΕΩΣ
ΑΛ ΤΖΟΛΛΑ, Καλιφόρνια, 23. (Ρόυτερ).— Το ωκεανογραφικόν υποβρύχιον πείραμα το οποίον επρόκειτο να αρχίση χθες ανεβλήθη λόγω της θαλασσοταραχής.
ΑΛ ΤΖΟΛΛΑ, Καλιφόρνια, 23. (Ρόυτερ).— Το ωκεανογραφικόν υποβρύχιον πείραμα το οποίον επρόκειτο να αρχίση χθες ανεβλήθη λόγω της θαλασσοταραχής.
ΑΛ ΤΖΟΛΛΑ, Καλιφόρνια, 23. (Ρόυτερ).— Το ωκεανογραφικόν υποβρύχιον πείραμα το οποίον επρόκειτο να αρχίση χθες ανεβλήθη λόγω της θαλασσοταραχής.
ΑΛ ΤΖΟΛΛΑ, Καλιφόρνια, 23. (Ρόυτερ).— Το ωκεανογραφικόν υποβρύχιον πείραμα το οποίον επρόκειτο να αρχίση χθες ανεβλήθη λόγω της θαλασσοταραχής.
ΤΟ ΦΕΣΤΙΒΑΛ ΚΙΝΗΜΑΤΟΓΡΑΦΟΥ ΒΕΝΕΤΙΑΣ ΕΝΔΙΑΦΕΡΕΤΑΙ ΜΟΝΟΝ ΔΙΑ ΤΗΝ "ΠΟΙΟΤΗΤΑ"
ΑΛ ΤΖΟΛΛΑ, Καλιφόρνια, 23. (Ρόυτερ).— Το ωκεανογραφικόν υποβρύχιον πείραμα το οποίον επρόκειτο να αρχίση χθες ανεβλήθη λόγω της θαλασσοταραχής.
ΑΛ ΤΖΟΛΛΑ, Καλιφόρνια, 23. (Ρόυτερ).— Το ωκεανογραφικόν υποβρύχιον πείραμα το οποίον επρόκειτο να αρχίση χθες ανεβλήθη λόγω της θαλασσοταραχής.
ΑΛ ΤΖΟΛΛΑ, Καλιφόρνια, 23. (Ρόυτερ).— Το ωκεανογραφικόν υποβρύχιον πείραμα το οποίον επρόκειτο να αρχίση χθες ανεβλήθη λόγω της θαλασσοταραχής.
ΑΛ ΤΖΟΛΛΑ, Καλιφόρνια, 23. (Ρόυτερ).— Το ωκεανογραφικόν υποβρύχιον πείραμα το οποίον επρόκειτο να αρχίση χθες ανεβλήθη λόγω της θαλασσοταραχής.
Ο ΑΝΤΙΠΡΟΕΔΡΟΣ ΤΗΣ ΑΙΓΥΠΤΟΥ ΕΠΕΣΚΕΦΘΗ ΑΤΟΜΙΚΑΣ ΕΓΚΑΤΑΣΤΑΣΕΙΣ ΤΗΣ Δ. ΓΕΡΜΑΝΙΑΣ
ΑΛ ΤΖΟΛΛΑ, Καλιφόρνια, 23. (Ρόυτερ).— Το ωκεανογραφικόν υποβρύχιον πείραμα το οποίον επρόκειτο να αρχίση χθες ανεβλήθη λόγω της θαλασσοταραχής.
ΑΛ ΤΖΟΛΛΑ, Καλιφόρνια, 23. (Ρόυτερ).— Το ωκεανογραφικόν υποβρύχιον πείραμα το οποίον επρόκειτο να αρχίση χθες ανεβλήθη λόγω της θαλασσοταραχής.
ΑΛ ΤΖΟΛΛΑ, Καλιφόρνια, 23. (Ρόυτερ).— Το ωκεανογραφικόν υποβρύχιον πείραμα το οποίον επρόκειτο να αρχίση χθες ανεβλήθη λόγω της θαλασσοταραχής.
ΑΛ ΤΖΟΛΛΑ, Καλιφόρνια, 23. (Ρόυτερ).— Το ωκεανογραφικόν υποβρύχιον πείραμα το οποίον επρόκειτο να αρχίση χθες ανεβλήθη λόγω της θαλασσοταραχής.
ΑΛ ΤΖΟΛΛΑ, Καλιφόρνια, 23. (Ρόυτερ).— Το ωκεανογραφικόν υποβρύχιον πείραμα το οποίον επρόκειτο να αρχίση χθες ανεβλήθη λόγω της θαλασσοταραχής.
ΑΛ ΤΖΟΛΛΑ, Καλιφόρνια, 23. (Ρόυτερ).— Το ωκεανογραφικόν υποβρύχιον πείραμα το οποίον επρόκειτο να αρχίση χθες ανεβλήθη λόγω της θαλασσοταραχής.
ΑΙ ΣΥΜΜΟΡΙΑΙ ΛΑΘΡΕΜΠΟΡΩΝ ΝΑΡΚΩΤΙΚΩΝ ΑΛΛΗΛΟΕΞΟΝΤΩΝΟΝΤΑΙ ΕΙΣ ΤΗΝ ΒΟΣΤΩΝΗΝ
ΑΛ ΤΖΟΛΛΑ, Καλιφόρνια, 23. (Ρόυτερ).— Το ωκεανογραφικόν υποβρύχιον πείραμα το οποίον επρόκειτο να αρχίση χθες ανεβλήθη λόγω της θαλασσοταραχής.
ΑΛ ΤΖΟΛΛΑ, Καλιφόρνια, 23. (Ρόυτερ).— Το ωκεανογραφικόν υποβρύχιον πείραμα το οποίον επρόκειτο να αρχίση χθες ανεβλήθη λόγω της θαλασσοταραχής.
ΑΛ ΤΖΟΛΛΑ, Καλιφόρνια, 23. (Ρόυτερ).— Το ωκεανογραφικόν υποβρύχιον πείραμα το οποίον επρόκειτο να αρχίση χθες ανεβλήθη λόγω της θαλασσοταραχής.
ΑΛ ΤΖΟΛΛΑ, Καλιφόρνια, 23. (Ρόυτερ).— Το ωκεανογραφικόν υποβρύχιον πείραμα το οποίον επρόκειτο να αρχίση χθες ανεβλήθη λόγω της θαλασσοταραχής.
ΝΕΓΡΟΣ ΕΔΟΛΟΦΟΝΗΘΗ ΥΠΟ ΑΓΝΩΣΤΩΝ ΕΙΣ ΣΤΑΘΜΟΝ ΛΕΩΦΟΡΕΙΩΝ ΤΟΥ ΧΟΛΛΥΓΟΥΝΤ
Η ΓΗ ΚΙΝΔΥΝΕΥΕΙ ΝΑ ΣΥΓΚΡΟΥΣΘΗ ΜΕ ΑΣΤΕΡΟΕΙΔΗ
ΑΛ ΤΖΟΛΛΑ, Καλιφόρνια, 23. (Ρόυτερ).— Το ωκεανογραφικόν υποβρύχιον πείραμα το οποίον επρόκειτο να αρχίση χθες ανεβλήθη λόγω της θαλασσοταραχής.
ΑΛ ΤΖΟΛΛΑ, Καλιφόρνια, 23. (Ρόυτερ).— Το ωκεανογραφικόν υποβρύχιον πείραμα το οποίον επρόκειτο να αρχίση χθες ανεβλήθη λόγω της θαλασσοταραχής.
ΑΛ ΤΖΟΛΛΑ, Καλιφόρνια, 23. (Ρόυτερ).— Το ωκεανογραφικόν υποβρύχιον πείραμα το οποίον επρόκειτο να αρχίση χθες ανεβλήθη λόγω της θαλασσοταραχής.
ΑΛ ΤΖΟΛΛΑ, Καλιφόρνια, 23. (Ρόυτερ).— Το ωκεανογραφικόν υποβρύχιον πείραμα το οποίον επρόκειτο να αρχίση χθες ανεβλήθη λόγω της θαλασσοταραχής.
ΑΛ ΤΖΟΛΛΑ, Καλιφόρνια, 23. (Ρόυτερ).— Το ωκεανογραφικόν υποβρύχιον πείραμα το οποίον επρόκειτο να αρχίση χθες ανεβλήθη λόγω της θαλασσοταραχής.
ΑΛ ΤΖΟΛΛΑ, Καλιφόρνια, 23. (Ρόυτερ).— Το ωκεανογραφικόν υποβρύχιον πείραμα το οποίον επρόκειτο να αρχίση χθες ανεβλήθη λόγω της θαλασσοταραχής.
ΑΛ ΤΖΟΛΛΑ, Καλιφόρνια, 23. (Ρόυτερ).— Το ωκεανογραφικόν υποβρύχιον πείραμα το οποίον επρόκειτο να αρχίση χθες ανεβλήθη λόγω της θαλασσοταραχής.
ΠΑΡ' ΟΛΙΓΟΝ ΠΟΛΙΤΙΚΗ ΚΡΙΣΙΣ ΕΙΣ ΝΟΡΒΗΓΙΑΝ ΔΙΑ ΤΑ ΠΕΤΡΕΛΑΙΑ ΤΗΣ ΝΗΣΟΥ ΣΠΙΤΣΒΕΡΓΗΣ
ΑΛ ΤΖΟΛΛΑ, Καλιφόρνια, 23. (Ρόυτερ).— Το ωκεανογραφικόν υποβρύχιον πείραμα το οποίον επρόκειτο να αρχίση χθες ανεβλήθη λόγω της θαλασσοταραχής.
ΑΛ ΤΖΟΛΛΑ, Καλιφόρνια, 23. (Ρόυτερ).— Το ωκεανογραφικόν υποβρύχιον πείραμα το οποίον επρόκειτο να αρχίση χθες ανεβλήθη λόγω της θαλασσοταραχής.
ΑΛ ΤΖΟΛΛΑ, Καλιφόρνια, 23. (Ρόυτερ).— Το ωκεανογραφικόν υποβρύχιον πείραμα το οποίον επρόκειτο να αρχίση χθες ανεβλήθη λόγω της θαλασσοταραχής.
ΑΛ ΤΖΟΛΛΑ, Καλιφόρνια, 23. (Ρόυτερ).— Το ωκεανογραφικόν υποβρύχιον πείραμα το οποίον επρόκειτο να αρχίση χθες ανεβλήθη λόγω της θαλασσοταραχής.
ΟΙ ΚΕΡΔΙΖΟΝΤΕΣ ΑΡΙΘΜΟΙ ΤΟΥ ΛΑ-ΙΚΟΥ ΛΑΧΕΙΟΥ
ΑΛ ΤΖΟΛΛΑ, Καλιφόρνια, 23. (Ρόυτερ).— Το ωκεανογραφικόν υποβρύχιον πείραμα το οποίον επρόκειτο να αρχίση χθες ανεβλήθη λόγω της θαλασσοταραχής.
ΑΛ ΤΖΟΛΛΑ, Καλιφόρνια, 23. (Ρόυτερ).— Το ωκεανογραφικόν υποβρύχιον πείραμα το οποίον επρόκειτο να αρχίση χθες ανεβλήθη λόγω της θαλασσοταραχής.
ΑΛ ΤΖΟΛΛΑ, Καλιφόρνια, 23. (Ρόυτερ).— Το ωκεανογραφικόν υποβρύχιον πείραμα το οποίον επρόκειτο να αρχίση χθες ανεβλήθη λόγω της θαλασσοταραχής.
Η ΚΙΝΗΣΙΣ ΤΩΝ ΕΡΓΑΤΙΚΩΝ ΟΡΓΑΝΩΣΕΩΝ
ΑΛ ΤΖΟΛΛΑ, Καλιφόρνια, 23. (Ρόυτερ).— Το ωκεανογραφικόν υποβρύχιον πείραμα το οποίον επρόκειτο να αρχίση χθες ανεβλήθη λόγω της θαλασσοταραχής.
ΑΛ ΤΖΟΛΛΑ, Καλιφόρνια, 23. (Ρόυτερ).— Το ωκεανογραφικόν υποβρύχιον πείραμα το οποίον επρόκειτο να αρχίση χθες ανεβλήθη λόγω της θαλασσοταραχής.
ΑΛ ΤΖΟΛΛΑ, Καλιφόρνια, 23. (Ρόυτερ).— Το ωκεανογραφικόν υποβρύχιον πείραμα το οποίον επρόκειτο να αρχίση χθες ανεβλήθη λόγω της θαλασσοταραχής.
ΑΛ ΤΖΟΛΛΑ, Καλιφόρνια, 23. (Ρόυτερ).— Το ωκεανογραφικόν υποβρύχιον πείραμα το οποίον επρόκειτο να αρχίση χθες ανεβλήθη λόγω της θαλασσοταραχής.
ΑΛ ΤΖΟΛΛΑ, Καλιφόρνια, 23. (Ρόυτερ).— Το ωκεανογραφικόν υποβρύχιον πείραμα το οποίον επρόκειτο να αρχίση χθες ανεβλήθη λόγω της θαλασσοταραχής.
ΑΛ ΤΖΟΛΛΑ, Καλιφόρνια, 23. (Ρόυτερ).— Το ωκεανογραφικόν υποβρύχιον πείραμα το οποίον επρόκειτο να αρχίση χθες ανεβλήθη λόγω της θαλασσοταραχής.
